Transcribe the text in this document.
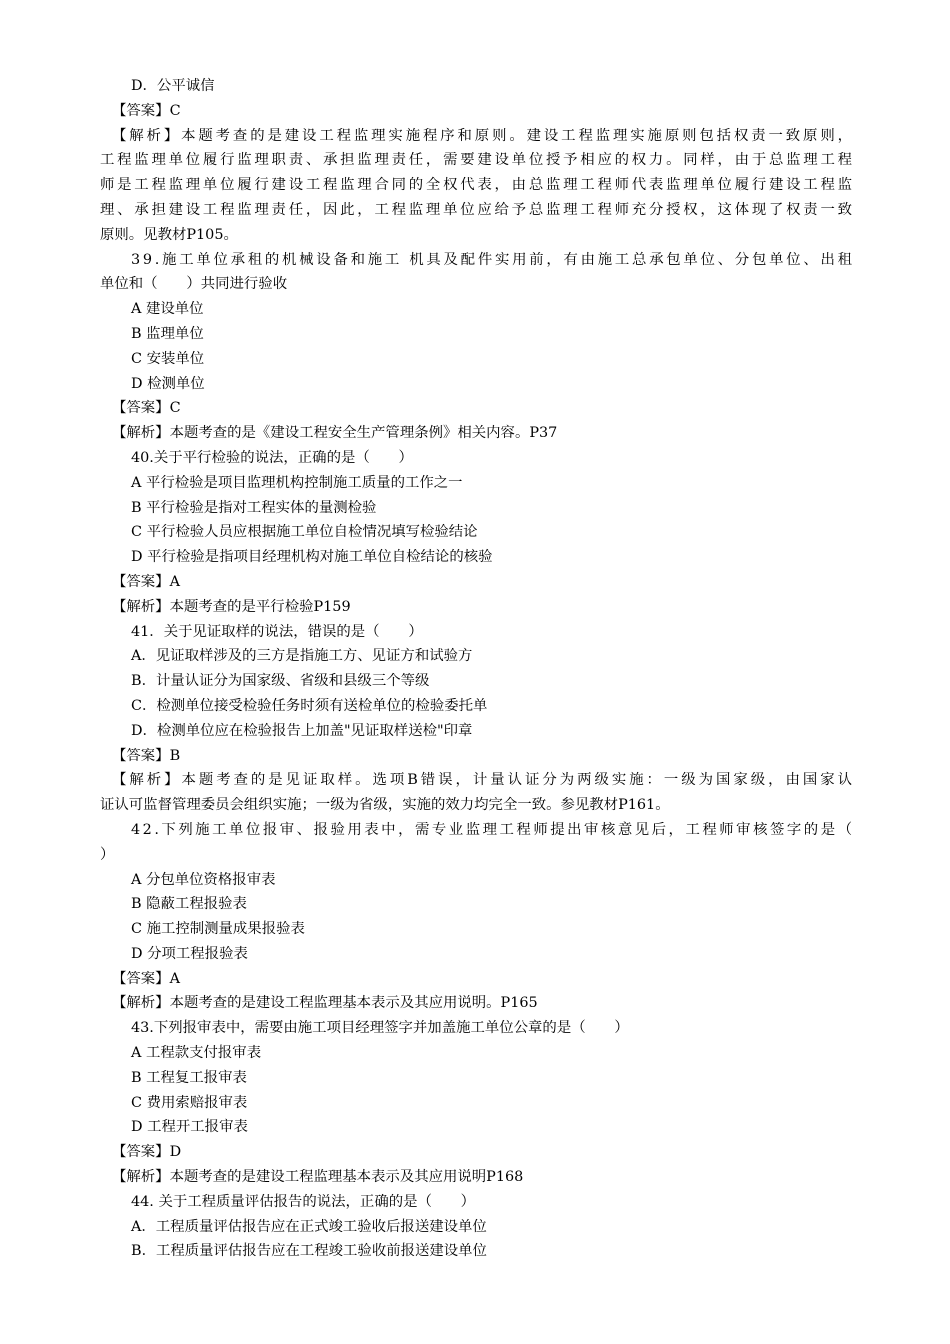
D．公平诚信
【答案】C
【解析】本题考查的是建设工程监理实施程序和原则。建设工程监理实施原则包括权责一致原则，
工程监理单位履行监理职责、承担监理责任，需要建设单位授予相应的权力。同样，由于总监理工程
师是工程监理单位履行建设工程监理合同的全权代表，由总监理工程师代表监理单位履行建设工程监
理、承担建设工程监理责任，因此，工程监理单位应给予总监理工程师充分授权，这体现了权责一致
原则。见教材P105。
39.施工单位承租的机械设备和施工 机具及配件实用前，有由施工总承包单位、分包单位、出租
单位和（　　）共同进行验收
A 建设单位
B 监理单位
C 安装单位
D 检测单位
【答案】C
【解析】本题考查的是《建设工程安全生产管理条例》相关内容。P37
40.关于平行检验的说法，正确的是（　　）
A 平行检验是项目监理机构控制施工质量的工作之一
B 平行检验是指对工程实体的量测检验
C 平行检验人员应根据施工单位自检情况填写检验结论
D 平行检验是指项目经理机构对施工单位自检结论的核验
【答案】A
【解析】本题考查的是平行检验P159
41．关于见证取样的说法，错误的是（　　）
A．见证取样涉及的三方是指施工方、见证方和试验方
B．计量认证分为国家级、省级和县级三个等级
C．检测单位接受检验任务时须有送检单位的检验委托单
D．检测单位应在检验报告上加盖"见证取样送检"印章
【答案】B
【解析】本题考查的是见证取样。选项B错误，计量认证分为两级实施：一级为国家级，由国家认
证认可监督管理委员会组织实施；一级为省级，实施的效力均完全一致。参见教材P161。
42.下列施工单位报审、报验用表中，需专业监理工程师提出审核意见后，工程师审核签字的是（
）
A 分包单位资格报审表
B 隐蔽工程报验表
C 施工控制测量成果报验表
D 分项工程报验表
【答案】A
【解析】本题考查的是建设工程监理基本表示及其应用说明。P165
43.下列报审表中，需要由施工项目经理签字并加盖施工单位公章的是（　　）
A 工程款支付报审表
B 工程复工报审表
C 费用索赔报审表
D 工程开工报审表
【答案】D
【解析】本题考查的是建设工程监理基本表示及其应用说明P168
44. 关于工程质量评估报告的说法，正确的是（　　）
A．工程质量评估报告应在正式竣工验收后报送建设单位
B．工程质量评估报告应在工程竣工验收前报送建设单位
